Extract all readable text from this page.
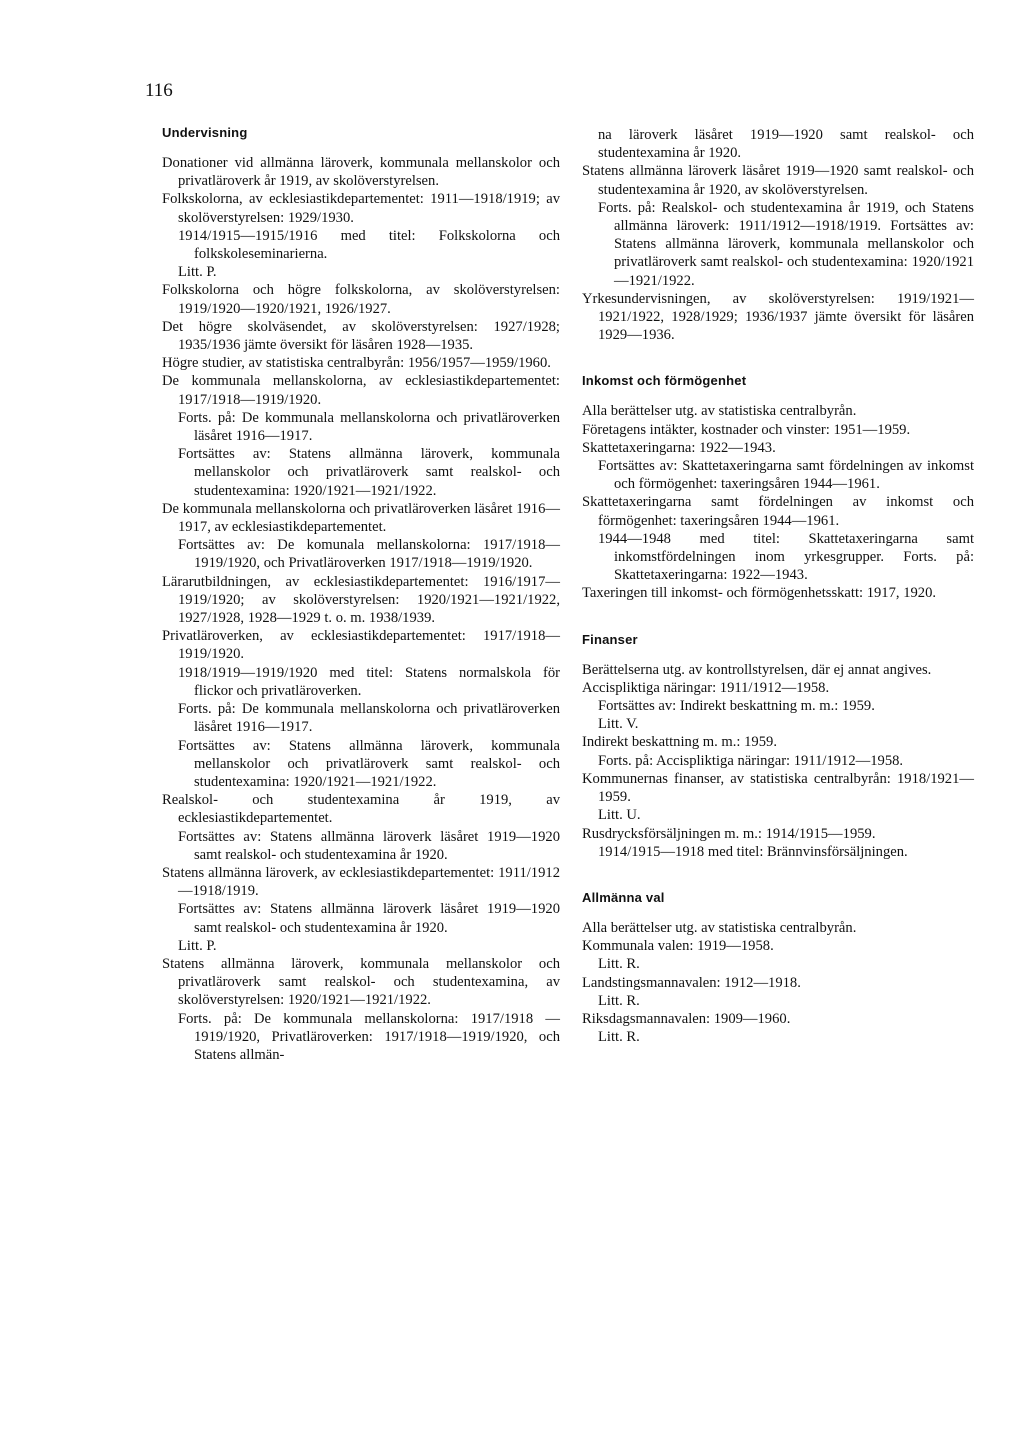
116
Undervisning

Donationer vid allmänna läroverk, kommunala mellanskolor och privatläroverk år 1919, av skolöverstyrelsen.

Folkskolorna, av ecklesiastikdepartementet: 1911—1918/1919; av skolöverstyrelsen: 1929/1930.

1914/1915—1915/1916 med titel: Folkskolorna och folkskoleseminarierna.

Litt. P.

Folkskolorna och högre folkskolorna, av skolöverstyrelsen: 1919/1920—1920/1921, 1926/1927.

Det högre skolväsendet, av skolöverstyrelsen: 1927/1928; 1935/1936 jämte översikt för läsåren 1928—1935.

Högre studier, av statistiska centralbyrån: 1956/1957—1959/1960.

De kommunala mellanskolorna, av ecklesiastikdepartementet: 1917/1918—1919/1920.

Forts. på: De kommunala mellanskolorna och privatläroverken läsåret 1916—1917.

Fortsättes av: Statens allmänna läroverk, kommunala mellanskolor och privatläroverk samt realskol- och studentexamina: 1920/1921—1921/1922.

De kommunala mellanskolorna och privatläroverken läsåret 1916—1917, av ecklesiastikdepartementet.

Fortsättes av: De komunala mellanskolorna: 1917/1918—1919/1920, och Privatläroverken 1917/1918—1919/1920.

Lärarutbildningen, av ecklesiastikdepartementet: 1916/1917—1919/1920; av skolöverstyrelsen: 1920/1921—1921/1922, 1927/1928, 1928—1929 t. o. m. 1938/1939.

Privatläroverken, av ecklesiastikdepartementet: 1917/1918—1919/1920.

1918/1919—1919/1920 med titel: Statens normalskola för flickor och privatläroverken.

Forts. på: De kommunala mellanskolorna och privatläroverken läsåret 1916—1917.

Fortsättes av: Statens allmänna läroverk, kommunala mellanskolor och privatläroverk samt realskol- och studentexamina: 1920/1921—1921/1922.

Realskol- och studentexamina år 1919, av ecklesiastikdepartementet.

Fortsättes av: Statens allmänna läroverk läsåret 1919—1920 samt realskol- och studentexamina år 1920.

Statens allmänna läroverk, av ecklesiastikdepartementet: 1911/1912—1918/1919.

Fortsättes av: Statens allmänna läroverk läsåret 1919—1920 samt realskol- och studentexamina år 1920.

Litt. P.

Statens allmänna läroverk, kommunala mellanskolor och privatläroverk samt realskol- och studentexamina, av skolöverstyrelsen: 1920/1921—1921/1922.

Forts. på: De kommunala mellanskolorna: 1917/1918 — 1919/1920, Privatläroverken: 1917/1918—1919/1920, och Statens allmän-

na läroverk läsåret 1919—1920 samt realskol- och studentexamina år 1920.

Statens allmänna läroverk läsåret 1919—1920 samt realskol- och studentexamina år 1920, av skolöverstyrelsen.

Forts. på: Realskol- och studentexamina år 1919, och Statens allmänna läroverk: 1911/1912—1918/1919. Fortsättes av: Statens allmänna läroverk, kommunala mellanskolor och privatläroverk samt realskol- och studentexamina: 1920/1921—1921/1922.

Yrkesundervisningen, av skolöverstyrelsen: 1919/1921—1921/1922, 1928/1929; 1936/1937 jämte översikt för läsåren 1929—1936.

Inkomst och förmögenhet

Alla berättelser utg. av statistiska centralbyrån.

Företagens intäkter, kostnader och vinster: 1951—1959.

Skattetaxeringarna: 1922—1943.

Fortsättes av: Skattetaxeringarna samt fördelningen av inkomst och förmögenhet: taxeringsåren 1944—1961.

Skattetaxeringarna samt fördelningen av inkomst och förmögenhet: taxeringsåren 1944—1961.

1944—1948 med titel: Skattetaxeringarna samt inkomstfördelningen inom yrkesgrupper. Forts. på: Skattetaxeringarna: 1922—1943.

Taxeringen till inkomst- och förmögenhetsskatt: 1917, 1920.

Finanser

Berättelserna utg. av kontrollstyrelsen, där ej annat angives.

Accispliktiga näringar: 1911/1912—1958.

Fortsättes av: Indirekt beskattning m. m.: 1959.

Litt. V.

Indirekt beskattning m. m.: 1959.

Forts. på: Accispliktiga näringar: 1911/1912—1958.

Kommunernas finanser, av statistiska centralbyrån: 1918/1921—1959.

Litt. U.

Rusdrycksförsäljningen m. m.: 1914/1915—1959.

1914/1915—1918 med titel: Brännvinsförsäljningen.

Allmänna val

Alla berättelser utg. av statistiska centralbyrån.

Kommunala valen: 1919—1958.

Litt. R.

Landstingsmannavalen: 1912—1918.

Litt. R.

Riksdagsmannavalen: 1909—1960.

Litt. R.
